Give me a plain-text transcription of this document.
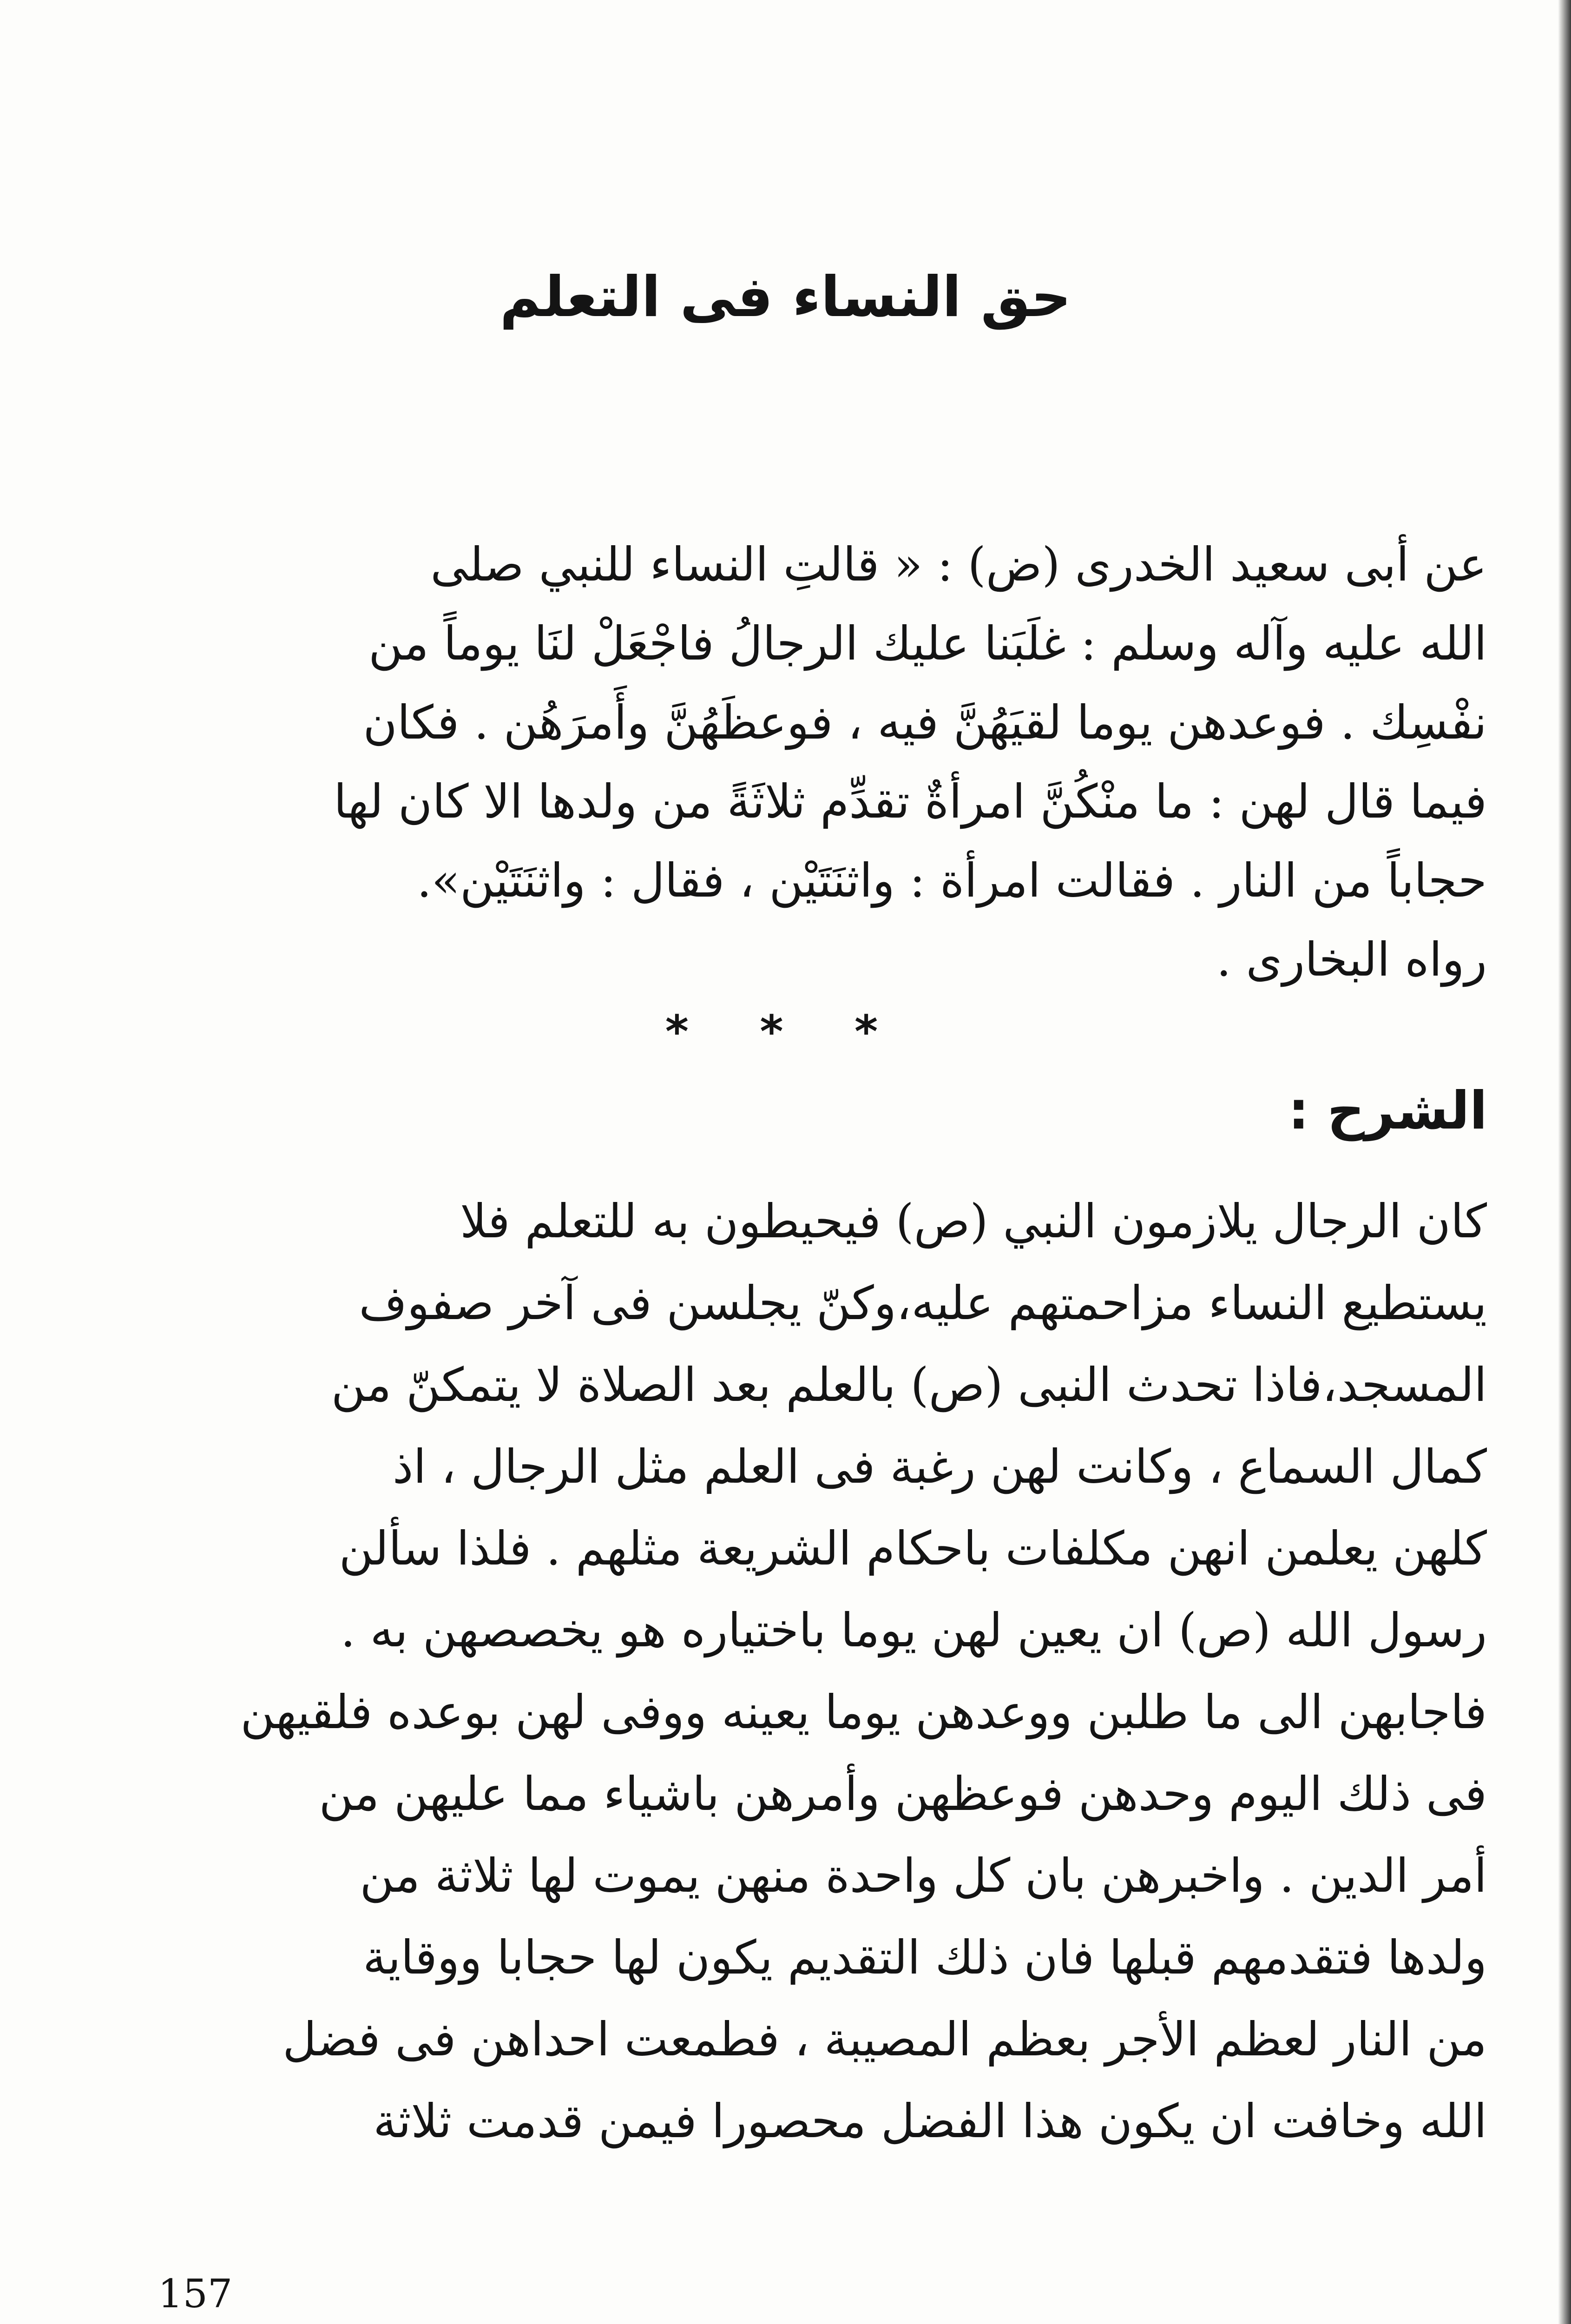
حق النساء فى التعلم
عن أبى سعيد الخدرى (ض) : « قالتِ النساء للنبي صلى
الله عليه وآله وسلم : غلَبَنا عليك الرجالُ فاجْعَلْ لنَا يوماً من
نفْسِك . فوعدهن يوما لقيَهُنَّ فيه ، فوعظَهُنَّ وأَمرَهُن . فكان
فيما قال لهن : ما منْكُنَّ امرأةٌ تقدِّم ثلاثَةً من ولدها الا كان لها
حجاباً من النار . فقالت امرأة : واثنَتَيْن ، فقال : واثنَتَيْن».
رواه البخارى .
* * *
الشرح :
كان الرجال يلازمون النبي (ص) فيحيطون به للتعلم فلا
يستطيع النساء مزاحمتهم عليه،وكنّ يجلسن فى آخر صفوف
المسجد،فاذا تحدث النبى (ص) بالعلم بعد الصلاة لا يتمكنّ من
كمال السماع ، وكانت لهن رغبة فى العلم مثل الرجال ، اذ
كلهن يعلمن انهن مكلفات باحكام الشريعة مثلهم . فلذا سألن
رسول الله (ص) ان يعين لهن يوما باختياره هو يخصصهن به .
فاجابهن الى ما طلبن ووعدهن يوما يعينه ووفى لهن بوعده فلقيهن
فى ذلك اليوم وحدهن فوعظهن وأمرهن باشياء مما عليهن من
أمر الدين . واخبرهن بان كل واحدة منهن يموت لها ثلاثة من
ولدها فتقدمهم قبلها فان ذلك التقديم يكون لها حجابا ووقاية
من النار لعظم الأجر بعظم المصيبة ، فطمعت احداهن فى فضل
الله وخافت ان يكون هذا الفضل محصورا فيمن قدمت ثلاثة
157
